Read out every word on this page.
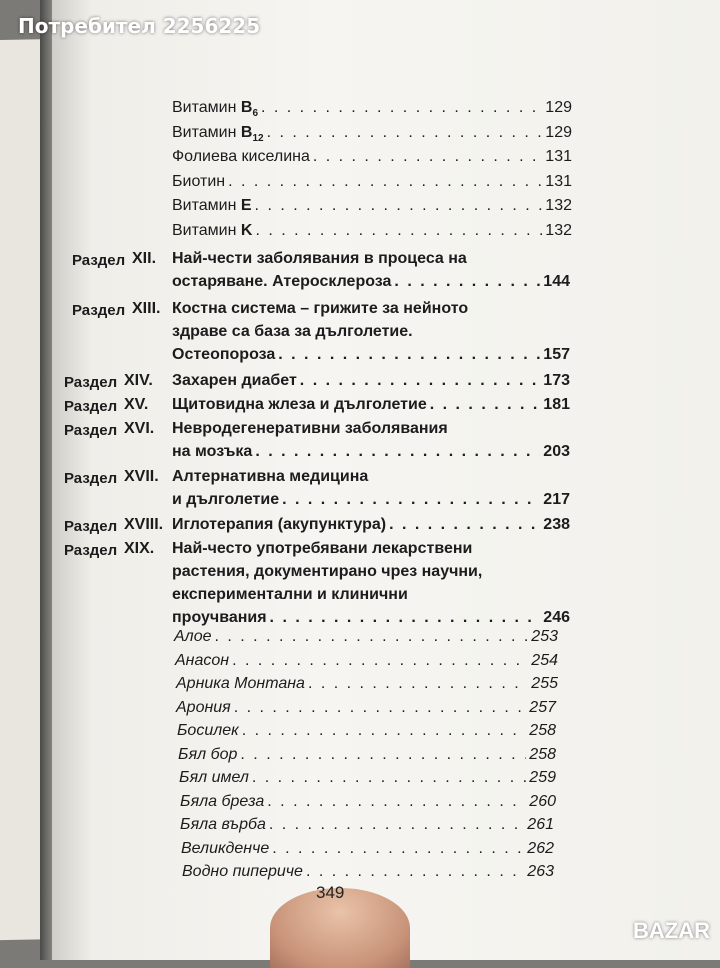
Витамин $B_6$ . . .	129
Витамин $B_{12}$ . . .	129
Фолиева киселина . . .	131
Биотин . . .	131
Витамин E . . .	132
Витамин K . . .	132
Раздел XII. Най-чести заболявания в процеса на
остаряване. Атеросклероза . . .	144
Раздел XIII. Костна система – грижите за нейното
здраве са база за дълголетие.
Остеопороза . . .	157
Раздел XIV. Захарен диабет . . .	173
Раздел XV. Щитовидна жлеза и дълголетие . . .	181
Раздел XVI. Невродегенеративни заболявания
на мозъка . . .	203
Раздел XVII. Алтернативна медицина
и дълголетие . . .	217
Раздел XVIII. Иглотерапия (акупунктура) . . .	238
Раздел XIX. Най-често употребявани лекарствени
растения, документирано чрез научни,
експериментални и клинични
проучвания . . .	246
Алое . . .	253
Анасон . . .	254
Арника Монтана . . .	255
Арония . . .	257
Босилек . . .	258
Бял бор . . .	258
Бял имел . . .	259
Бяла бреза . . .	260
Бяла върба . . .	261
Великденче . . .	262
Водно пиперичe . . .	263
349
Потребител 2256225
BAZAR
